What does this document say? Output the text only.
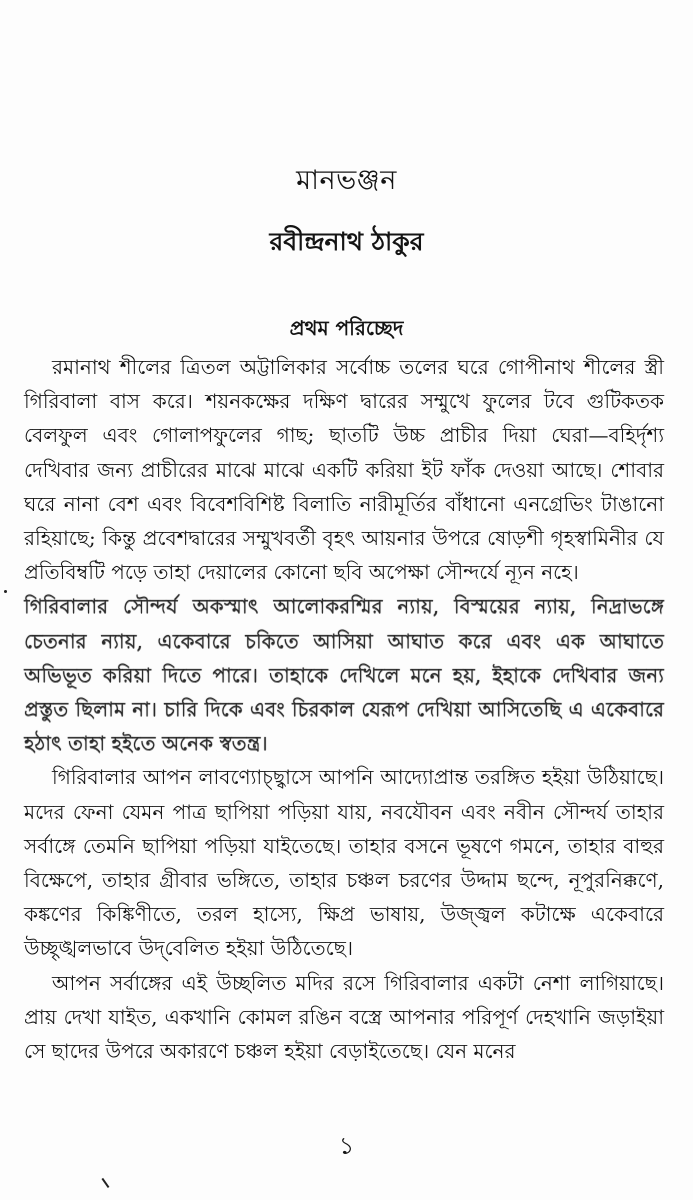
মানভঞ্জন
রবীন্দ্রনাথ ঠাকুর
প্রথম পরিচ্ছেদ

রমানাথ শীলের ত্রিতল অট্টালিকার সর্বোচ্চ তলের ঘরে গোপীনাথ শীলের স্ত্রী গিরিবালা বাস করে। শয়নকক্ষের দক্ষিণ দ্বারের সম্মুখে ফুলের টবে গুটিকতক বেলফুল এবং গোলাপফুলের গাছ; ছাতটি উচ্চ প্রাচীর দিয়া ঘেরা—বহির্দৃশ্য দেখিবার জন্য প্রাচীরের মাঝে মাঝে একটি করিয়া ইট ফাঁক দেওয়া আছে। শোবার ঘরে নানা বেশ এবং বিবেশবিশিষ্ট বিলাতি নারীমূর্তির বাঁধানো এনগ্রেভিং টাঙানো রহিয়াছে; কিন্তু প্রবেশদ্বারের সম্মুখবর্তী বৃহৎ আয়নার উপরে ষোড়শী গৃহস্বামিনীর যে প্রতিবিম্বটি পড়ে তাহা দেয়ালের কোনো ছবি অপেক্ষা সৌন্দর্যে ন্যূন নহে।

গিরিবালার সৌন্দর্য অকস্মাৎ আলোকরশ্মির ন্যায়, বিস্ময়ের ন্যায়, নিদ্রাভঙ্গে চেতনার ন্যায়, একেবারে চকিতে আসিয়া আঘাত করে এবং এক আঘাতে অভিভূত করিয়া দিতে পারে। তাহাকে দেখিলে মনে হয়, ইহাকে দেখিবার জন্য প্রস্তুত ছিলাম না। চারি দিকে এবং চিরকাল যেরূপ দেখিয়া আসিতেছি এ একেবারে হঠাৎ তাহা হইতে অনেক স্বতন্ত্র।

গিরিবালার আপন লাবণ্যোচ্ছ্বাসে আপনি আদ্যোপ্রান্ত তরঙ্গিত হইয়া উঠিয়াছে। মদের ফেনা যেমন পাত্র ছাপিয়া পড়িয়া যায়, নবযৌবন এবং নবীন সৌন্দর্য তাহার সর্বাঙ্গে তেমনি ছাপিয়া পড়িয়া যাইতেছে। তাহার বসনে ভূষণে গমনে, তাহার বাহুর বিক্ষেপে, তাহার গ্রীবার ভঙ্গিতে, তাহার চঞ্চল চরণের উদ্দাম ছন্দে, নূপুরনিক্কণে, কঙ্কণের কিঙ্কিণীতে, তরল হাস্যে, ক্ষিপ্র ভাষায়, উজ্জ্বল কটাক্ষে একেবারে উচ্ছৃঙ্খলভাবে উদ্‌বেলিত হইয়া উঠিতেছে।

আপন সর্বাঙ্গের এই উচ্ছলিত মদির রসে গিরিবালার একটা নেশা লাগিয়াছে। প্রায় দেখা যাইত, একখানি কোমল রঙিন বস্ত্রে আপনার পরিপূর্ণ দেহখানি জড়াইয়া সে ছাদের উপরে অকারণে চঞ্চল হইয়া বেড়াইতেছে। যেন মনের

১
